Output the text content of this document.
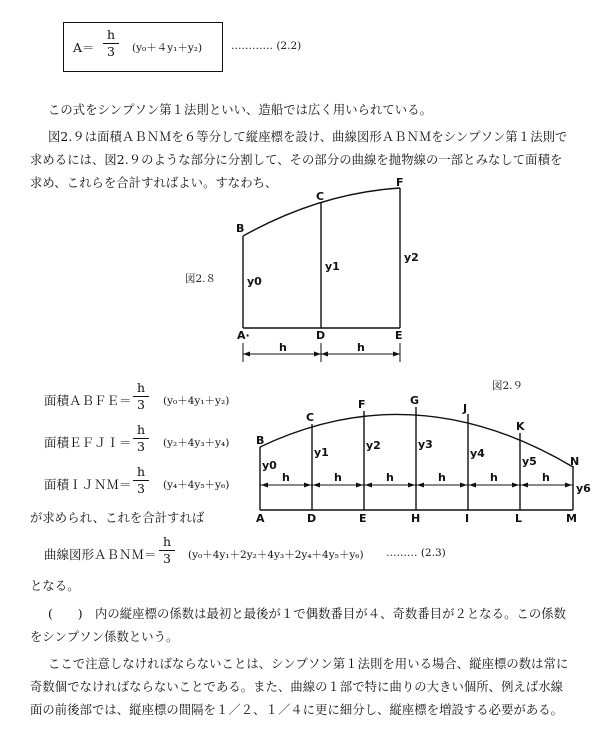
A＝
h
3	(y₀＋４y₁＋y₂)	………… (2.2)
この式をシンプソン第１法則といい、造船では広く用いられている。
図2.９は面積ＡＢＮＭを６等分して縦座標を設け、曲線図形ＡＢＮＭをシンプソン第１法則で
求めるには、図2.９のような部分に分割して、その部分の曲線を抛物線の一部とみなして面積を
求め、これらを合計すればよい。すなわち、
図2.８
B
C
F
A·	D	E
y0
y1
y2
h	h
B
C
F	G
J
K
N
A	D	E	H	I	L	M
y0
y1
y2	y3
y4
y5
y6
h	h	h	h	h	h
図2.９
面積ＡＢＦＥ＝
h
3	(y₀＋4y₁＋y₂)
面積ＥＦＪＩ＝
h
3	(y₂＋4y₃＋y₄)
面積ＩＪＮＭ＝
h
3	(y₄＋4y₅＋y₆)
が求められ、これを合計すれば
曲線図形ＡＢＮＭ＝
h
3	(y₀＋4y₁＋2y₂＋4y₃＋2y₄＋4y₅＋y₆) ……… (2.3)
となる。
(　　)　内の縦座標の係数は最初と最後が１で偶数番目が４、奇数番目が２となる。この係数
をシンプソン係数という。
ここで注意しなければならないことは、シンプソン第１法則を用いる場合、縦座標の数は常に
奇数個でなければならないことである。また、曲線の１部で特に曲りの大きい個所、例えば水線
面の前後部では、縦座標の間隔を１／２、１／４に更に細分し、縦座標を増設する必要がある。
